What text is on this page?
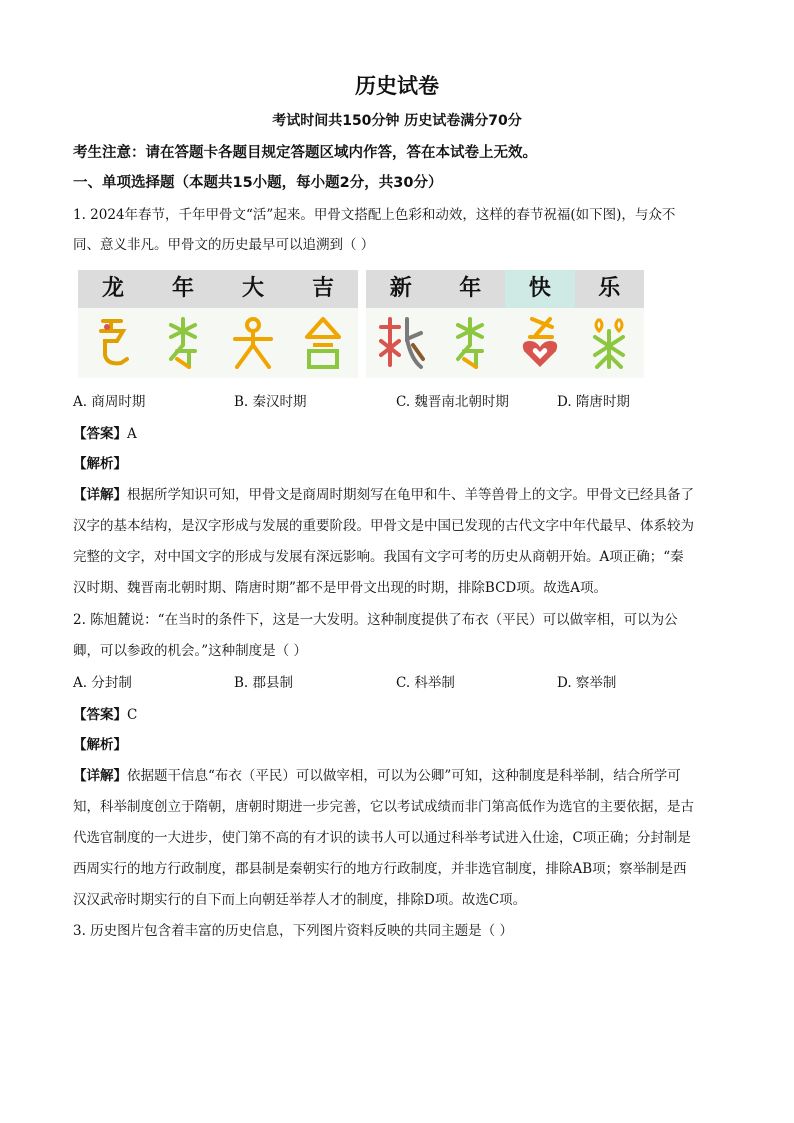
历史试卷
考试时间共150分钟 历史试卷满分70分
考生注意：请在答题卡各题目规定答题区域内作答，答在本试卷上无效。
一、单项选择题（本题共15小题，每小题2分，共30分）
1. 2024年春节，千年甲骨文“活”起来。甲骨文搭配上色彩和动效，这样的春节祝福(如下图)，与众不
同、意义非凡。甲骨文的历史最早可以追溯到（ ）
龙	年	大	吉	新	年	快	乐
A. 商周时期	B. 秦汉时期	C. 魏晋南北朝时期	D. 隋唐时期
【答案】A
【解析】
【详解】根据所学知识可知，甲骨文是商周时期刻写在龟甲和牛、羊等兽骨上的文字。甲骨文已经具备了
汉字的基本结构，是汉字形成与发展的重要阶段。甲骨文是中国已发现的古代文字中年代最早、体系较为
完整的文字，对中国文字的形成与发展有深远影响。我国有文字可考的历史从商朝开始。A项正确；“秦
汉时期、魏晋南北朝时期、隋唐时期”都不是甲骨文出现的时期，排除BCD项。故选A项。
2. 陈旭麓说：“在当时的条件下，这是一大发明。这种制度提供了布衣（平民）可以做宰相，可以为公
卿，可以参政的机会。”这种制度是（ ）
A. 分封制	B. 郡县制	C. 科举制	D. 察举制
【答案】C
【解析】
【详解】依据题干信息“布衣（平民）可以做宰相，可以为公卿”可知，这种制度是科举制，结合所学可
知，科举制度创立于隋朝，唐朝时期进一步完善，它以考试成绩而非门第高低作为选官的主要依据，是古
代选官制度的一大进步，使门第不高的有才识的读书人可以通过科举考试进入仕途，C项正确；分封制是
西周实行的地方行政制度，郡县制是秦朝实行的地方行政制度，并非选官制度，排除AB项；察举制是西
汉汉武帝时期实行的自下而上向朝廷举荐人才的制度，排除D项。故选C项。
3. 历史图片包含着丰富的历史信息，下列图片资料反映的共同主题是（ ）
